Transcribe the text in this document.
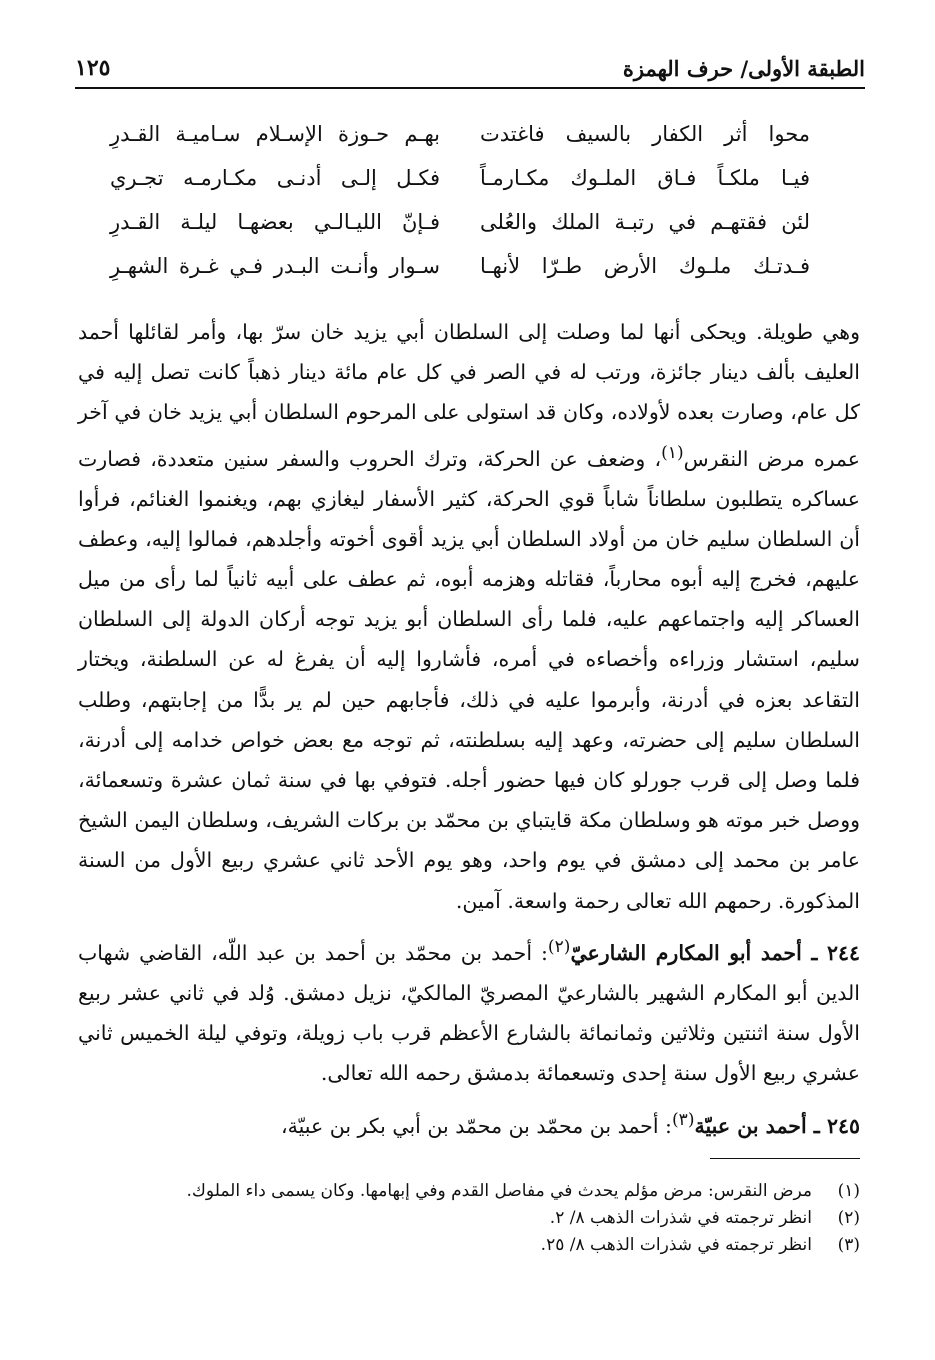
الطبقة الأولى/ حرف الهمزة
١٢٥
محوا أثر الكفار بالسيف فاغتدت
بهـم حـوزة الإسـلام سـاميـة القـدرِ
فيـا ملكـاً فـاق الملـوك مكـارمـاً
فكـل إلـى أدنـى مكـارمـه تجـري
لئن فقتهـم في رتبـة الملك والعُلى
فـإنّ الليـالـي بعضهـا ليلـة القـدرِ
فـدتـك ملـوك الأرض طـرّا لأنهـا
سـوار وأنـت البـدر فـي غـرة الشهـرِ

وهي طويلة. ويحكى أنها لما وصلت إلى السلطان أبي يزيد خان سرّ بها، وأمر لقائلها أحمد العليف بألف دينار جائزة، ورتب له في الصر في كل عام مائة دينار ذهباً كانت تصل إليه في كل عام، وصارت بعده لأولاده، وكان قد استولى على المرحوم السلطان أبي يزيد خان في آخر عمره مرض النقرس$^{(١)}$، وضعف عن الحركة، وترك الحروب والسفر سنين متعددة، فصارت عساكره يتطلبون سلطاناً شاباً قوي الحركة، كثير الأسفار ليغازي بهم، ويغنموا الغنائم، فرأوا أن السلطان سليم خان من أولاد السلطان أبي يزيد أقوى أخوته وأجلدهم، فمالوا إليه، وعطف عليهم، فخرج إليه أبوه محارباً، فقاتله وهزمه أبوه، ثم عطف على أبيه ثانياً لما رأى من ميل العساكر إليه واجتماعهم عليه، فلما رأى السلطان أبو يزيد توجه أركان الدولة إلى السلطان سليم، استشار وزراءه وأخصاءه في أمره، فأشاروا إليه أن يفرغ له عن السلطنة، ويختار التقاعد بعزه في أدرنة، وأبرموا عليه في ذلك، فأجابهم حين لم ير بدًّا من إجابتهم، وطلب السلطان سليم إلى حضرته، وعهد إليه بسلطنته، ثم توجه مع بعض خواص خدامه إلى أدرنة، فلما وصل إلى قرب جورلو كان فيها حضور أجله. فتوفي بها في سنة ثمان عشرة وتسعمائة، ووصل خبر موته هو وسلطان مكة قايتباي بن محمّد بن بركات الشريف، وسلطان اليمن الشيخ عامر بن محمد إلى دمشق في يوم واحد، وهو يوم الأحد ثاني عشري ربيع الأول من السنة المذكورة. رحمهم الله تعالى رحمة واسعة. آمين.

٢٤٤ ـ أحمد أبو المكارم الشارعيّ$^{(٢)}$: أحمد بن محمّد بن أحمد بن عبد اللّه، القاضي شهاب الدين أبو المكارم الشهير بالشارعيّ المصريّ المالكيّ، نزيل دمشق. وُلد في ثاني عشر ربيع الأول سنة اثنتين وثلاثين وثمانمائة بالشارع الأعظم قرب باب زويلة، وتوفي ليلة الخميس ثاني عشري ربيع الأول سنة إحدى وتسعمائة بدمشق رحمه الله تعالى.

٢٤٥ ـ أحمد بن عبيّة$^{(٣)}$: أحمد بن محمّد بن محمّد بن أبي بكر بن عبيّة،

(١)
مرض النقرس: مرض مؤلم يحدث في مفاصل القدم وفي إبهامها. وكان يسمى داء الملوك.
(٢)
انظر ترجمته في شذرات الذهب ٨/ ٢.
(٣)
انظر ترجمته في شذرات الذهب ٨/ ٢٥.
